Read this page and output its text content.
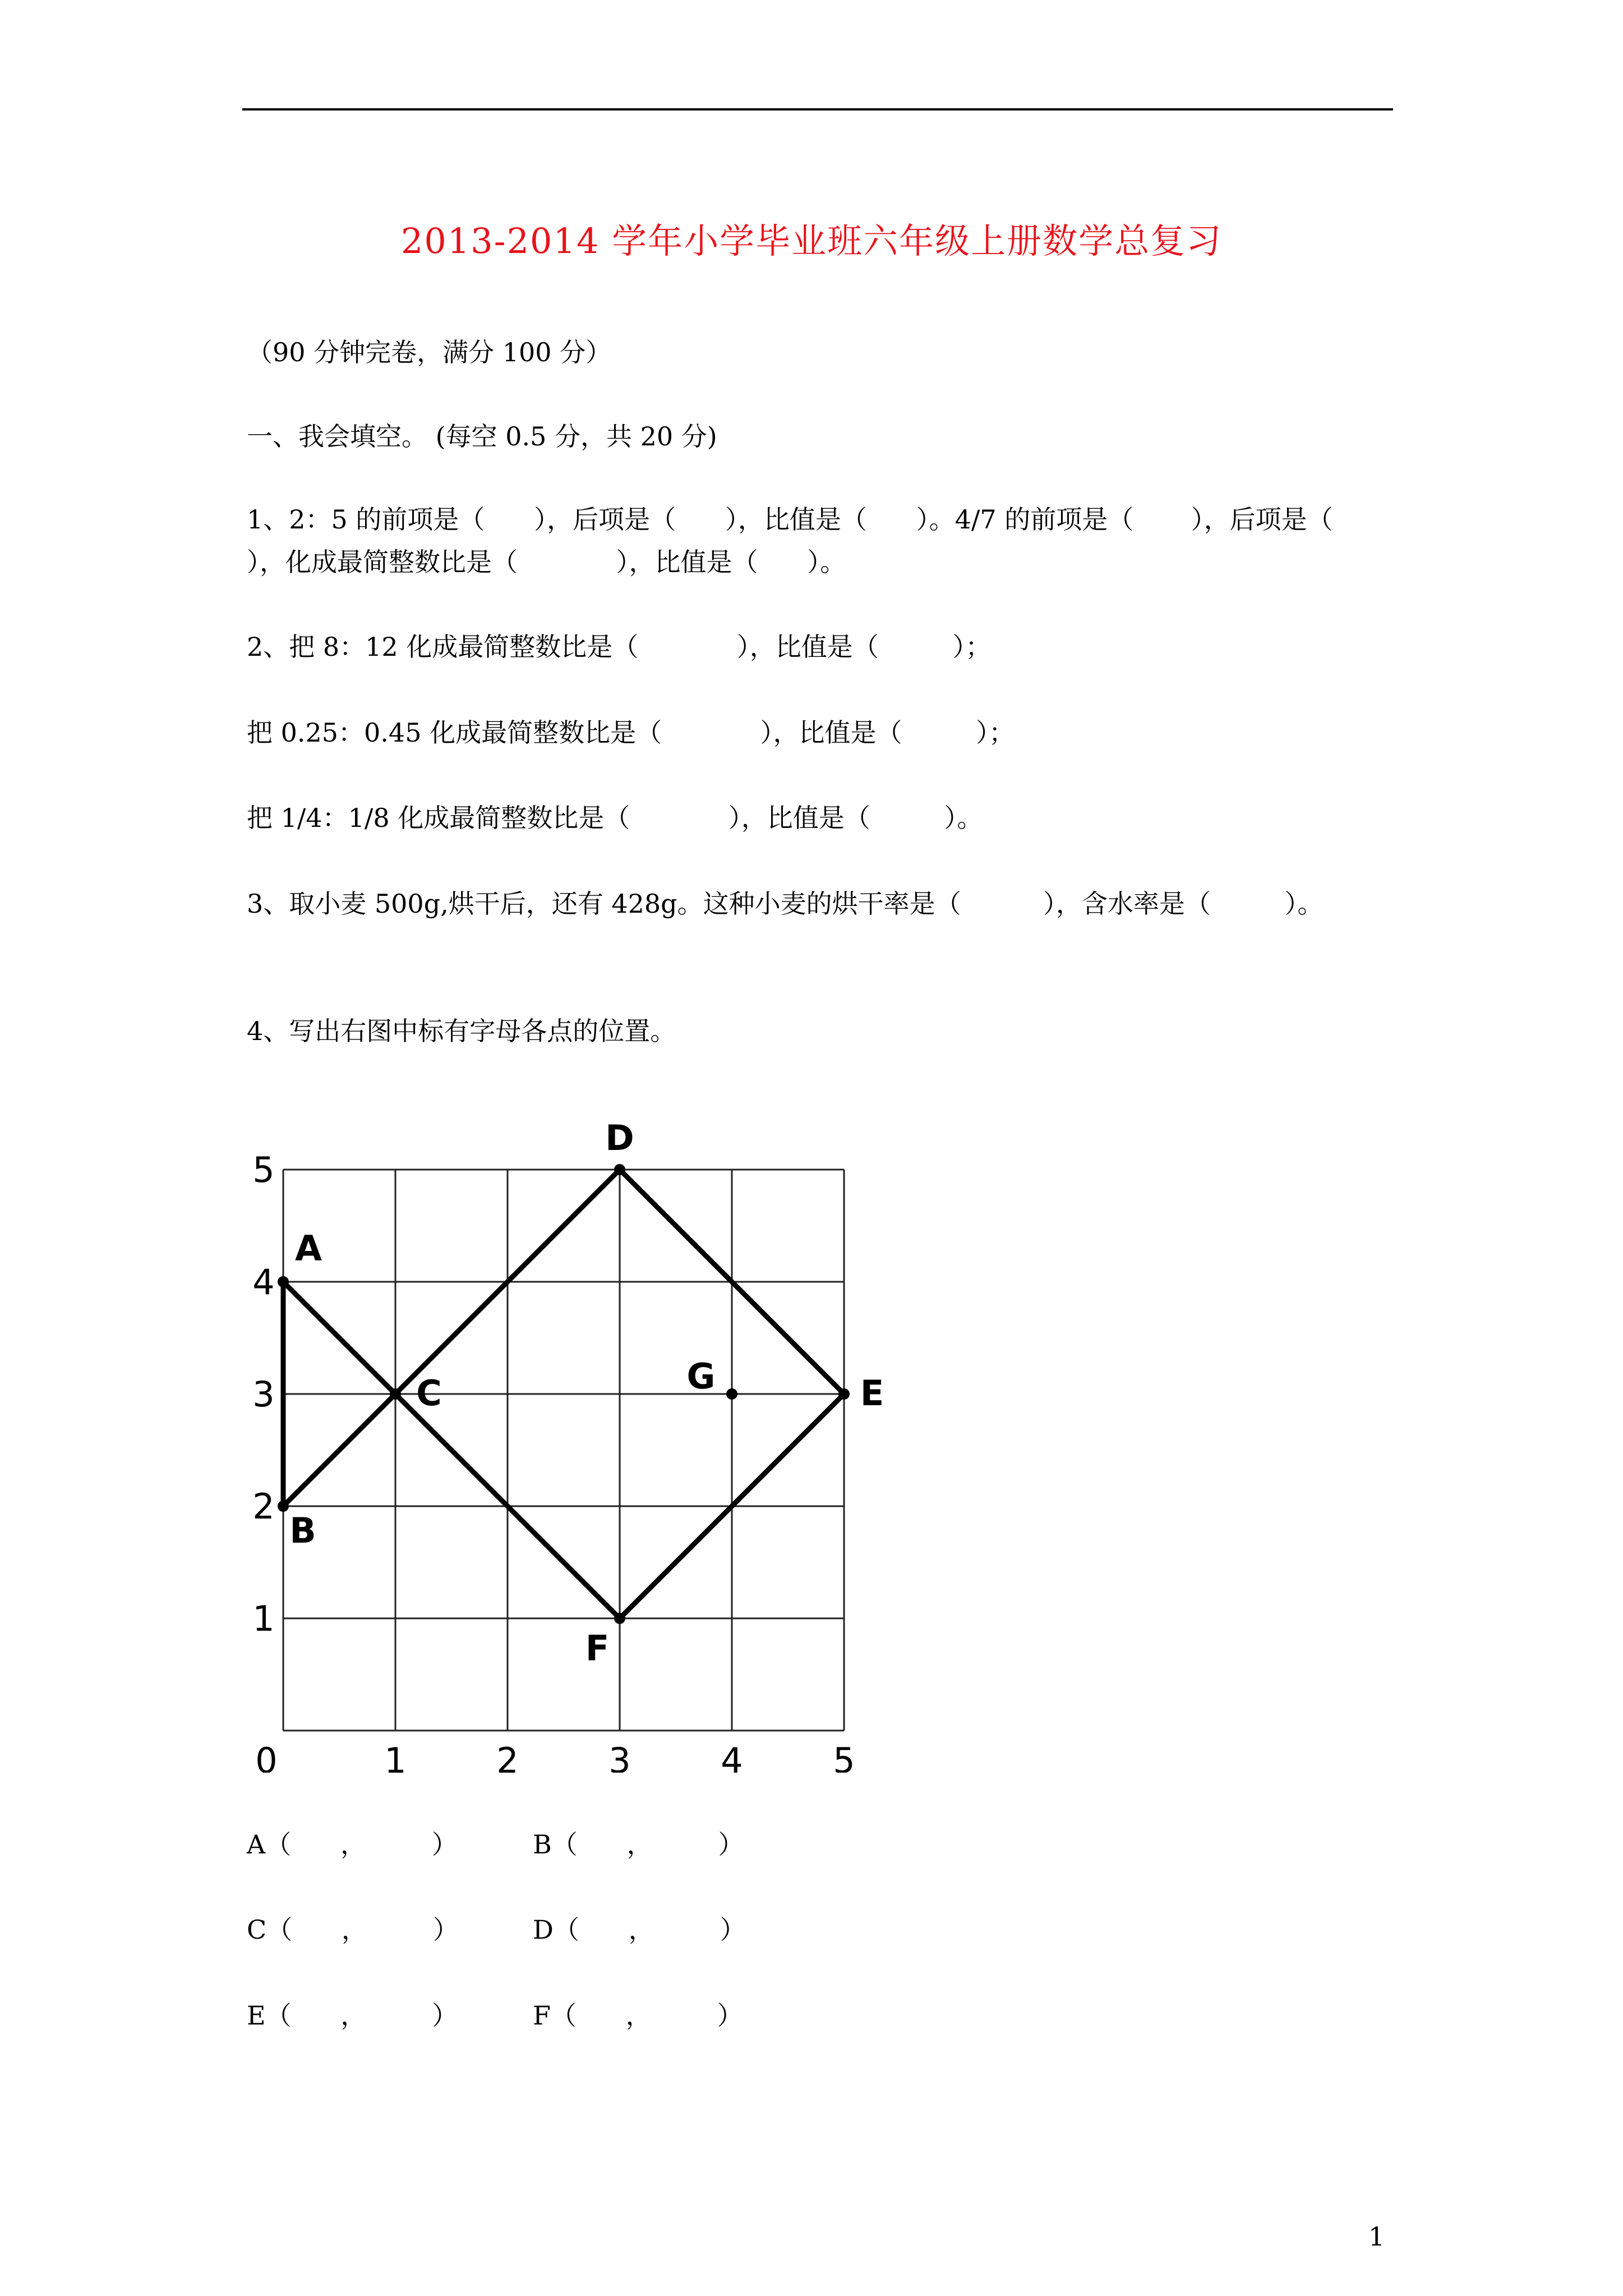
2013-2014 学年小学毕业班六年级上册数学总复习
（90 分钟完卷，满分 100 分）
一、我会填空。 (每空 0.5 分，共 20 分)
1、2：5 的前项是（      ），后项是（      ），比值是（      ）。4/7 的前项是（       ），后项是（        ），化成最简整数比是（            ），比值是（      ）。
2、把 8：12 化成最简整数比是（            ），比值是（         ）；
把 0.25：0.45 化成最简整数比是（            ），比值是（         ）；
把 1/4：1/8 化成最简整数比是（            ），比值是（         ）。
3、取小麦 500g,烘干后，还有 428g。这种小麦的烘干率是（          ），含水率是（         ）。
4、写出右图中标有字母各点的位置。
0	1	2	3	4	5
1
2
3
4
5
A
B
C
D
E
F
G
A（      ，        ）	B（      ，        ）
C（      ，        ）	D（      ，        ）
E（      ，        ）	F（      ，        ）
1
